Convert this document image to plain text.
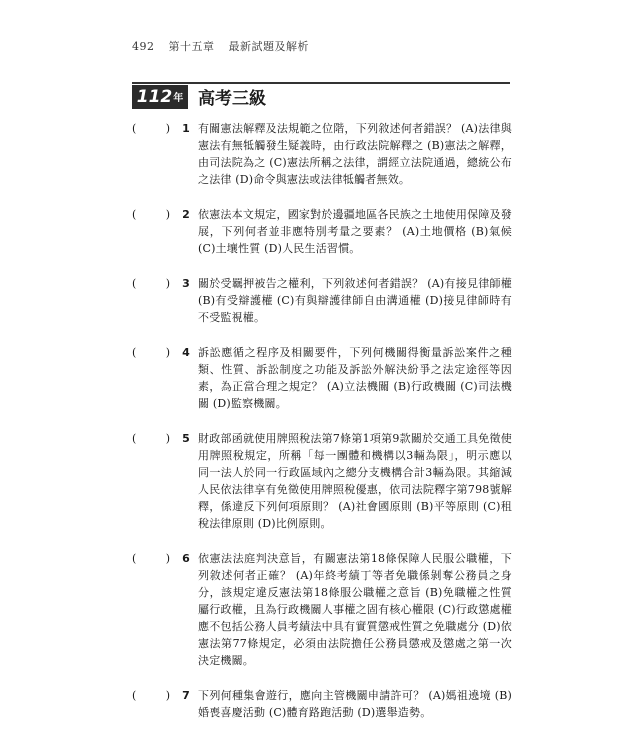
492 第十五章 最新試題及解析
112 年 高考三級
(	)	1 有關憲法解釋及法規範之位階，下列敘述何者錯誤？ (A)法律與憲法有無牴觸發生疑義時，由行政法院解釋之 (B)憲法之解釋，由司法院為之 (C)憲法所稱之法律，謂經立法院通過，總統公布之法律 (D)命令與憲法或法律牴觸者無效。
(	)	2 依憲法本文規定，國家對於邊疆地區各民族之土地使用保障及發展，下列何者並非應特別考量之要素？ (A)土地價格 (B)氣候 (C)土壤性質 (D)人民生活習慣。
(	)	3 關於受羈押被告之權利，下列敘述何者錯誤？ (A)有接見律師權 (B)有受辯護權 (C)有與辯護律師自由溝通權 (D)接見律師時有不受監視權。
(	)	4 訴訟應循之程序及相關要件，下列何機關得衡量訴訟案件之種類、性質、訴訟制度之功能及訴訟外解決紛爭之法定途徑等因素，為正當合理之規定？ (A)立法機關 (B)行政機關 (C)司法機關 (D)監察機關。
(	)	5 財政部函就使用牌照稅法第7條第1項第9款關於交通工具免徵使用牌照稅規定，所稱「每一團體和機構以3輛為限」，明示應以同一法人於同一行政區域內之總分支機構合計3輛為限。其縮減人民依法律享有免徵使用牌照稅優惠，依司法院釋字第798號解釋，係違反下列何項原則？ (A)社會國原則 (B)平等原則 (C)租稅法律原則 (D)比例原則。
(	)	6 依憲法法庭判決意旨，有關憲法第18條保障人民服公職權，下列敘述何者正確？ (A)年終考績丁等者免職係剝奪公務員之身分，該規定違反憲法第18條服公職權之意旨 (B)免職權之性質屬行政權，且為行政機關人事權之固有核心權限 (C)行政懲處權應不包括公務人員考績法中具有實質懲戒性質之免職處分 (D)依憲法第77條規定，必須由法院擔任公務員懲戒及懲處之第一次決定機關。
(	)	7 下列何種集會遊行，應向主管機關申請許可？ (A)媽祖遶境 (B)婚喪喜慶活動 (C)體育路跑活動 (D)選舉造勢。
